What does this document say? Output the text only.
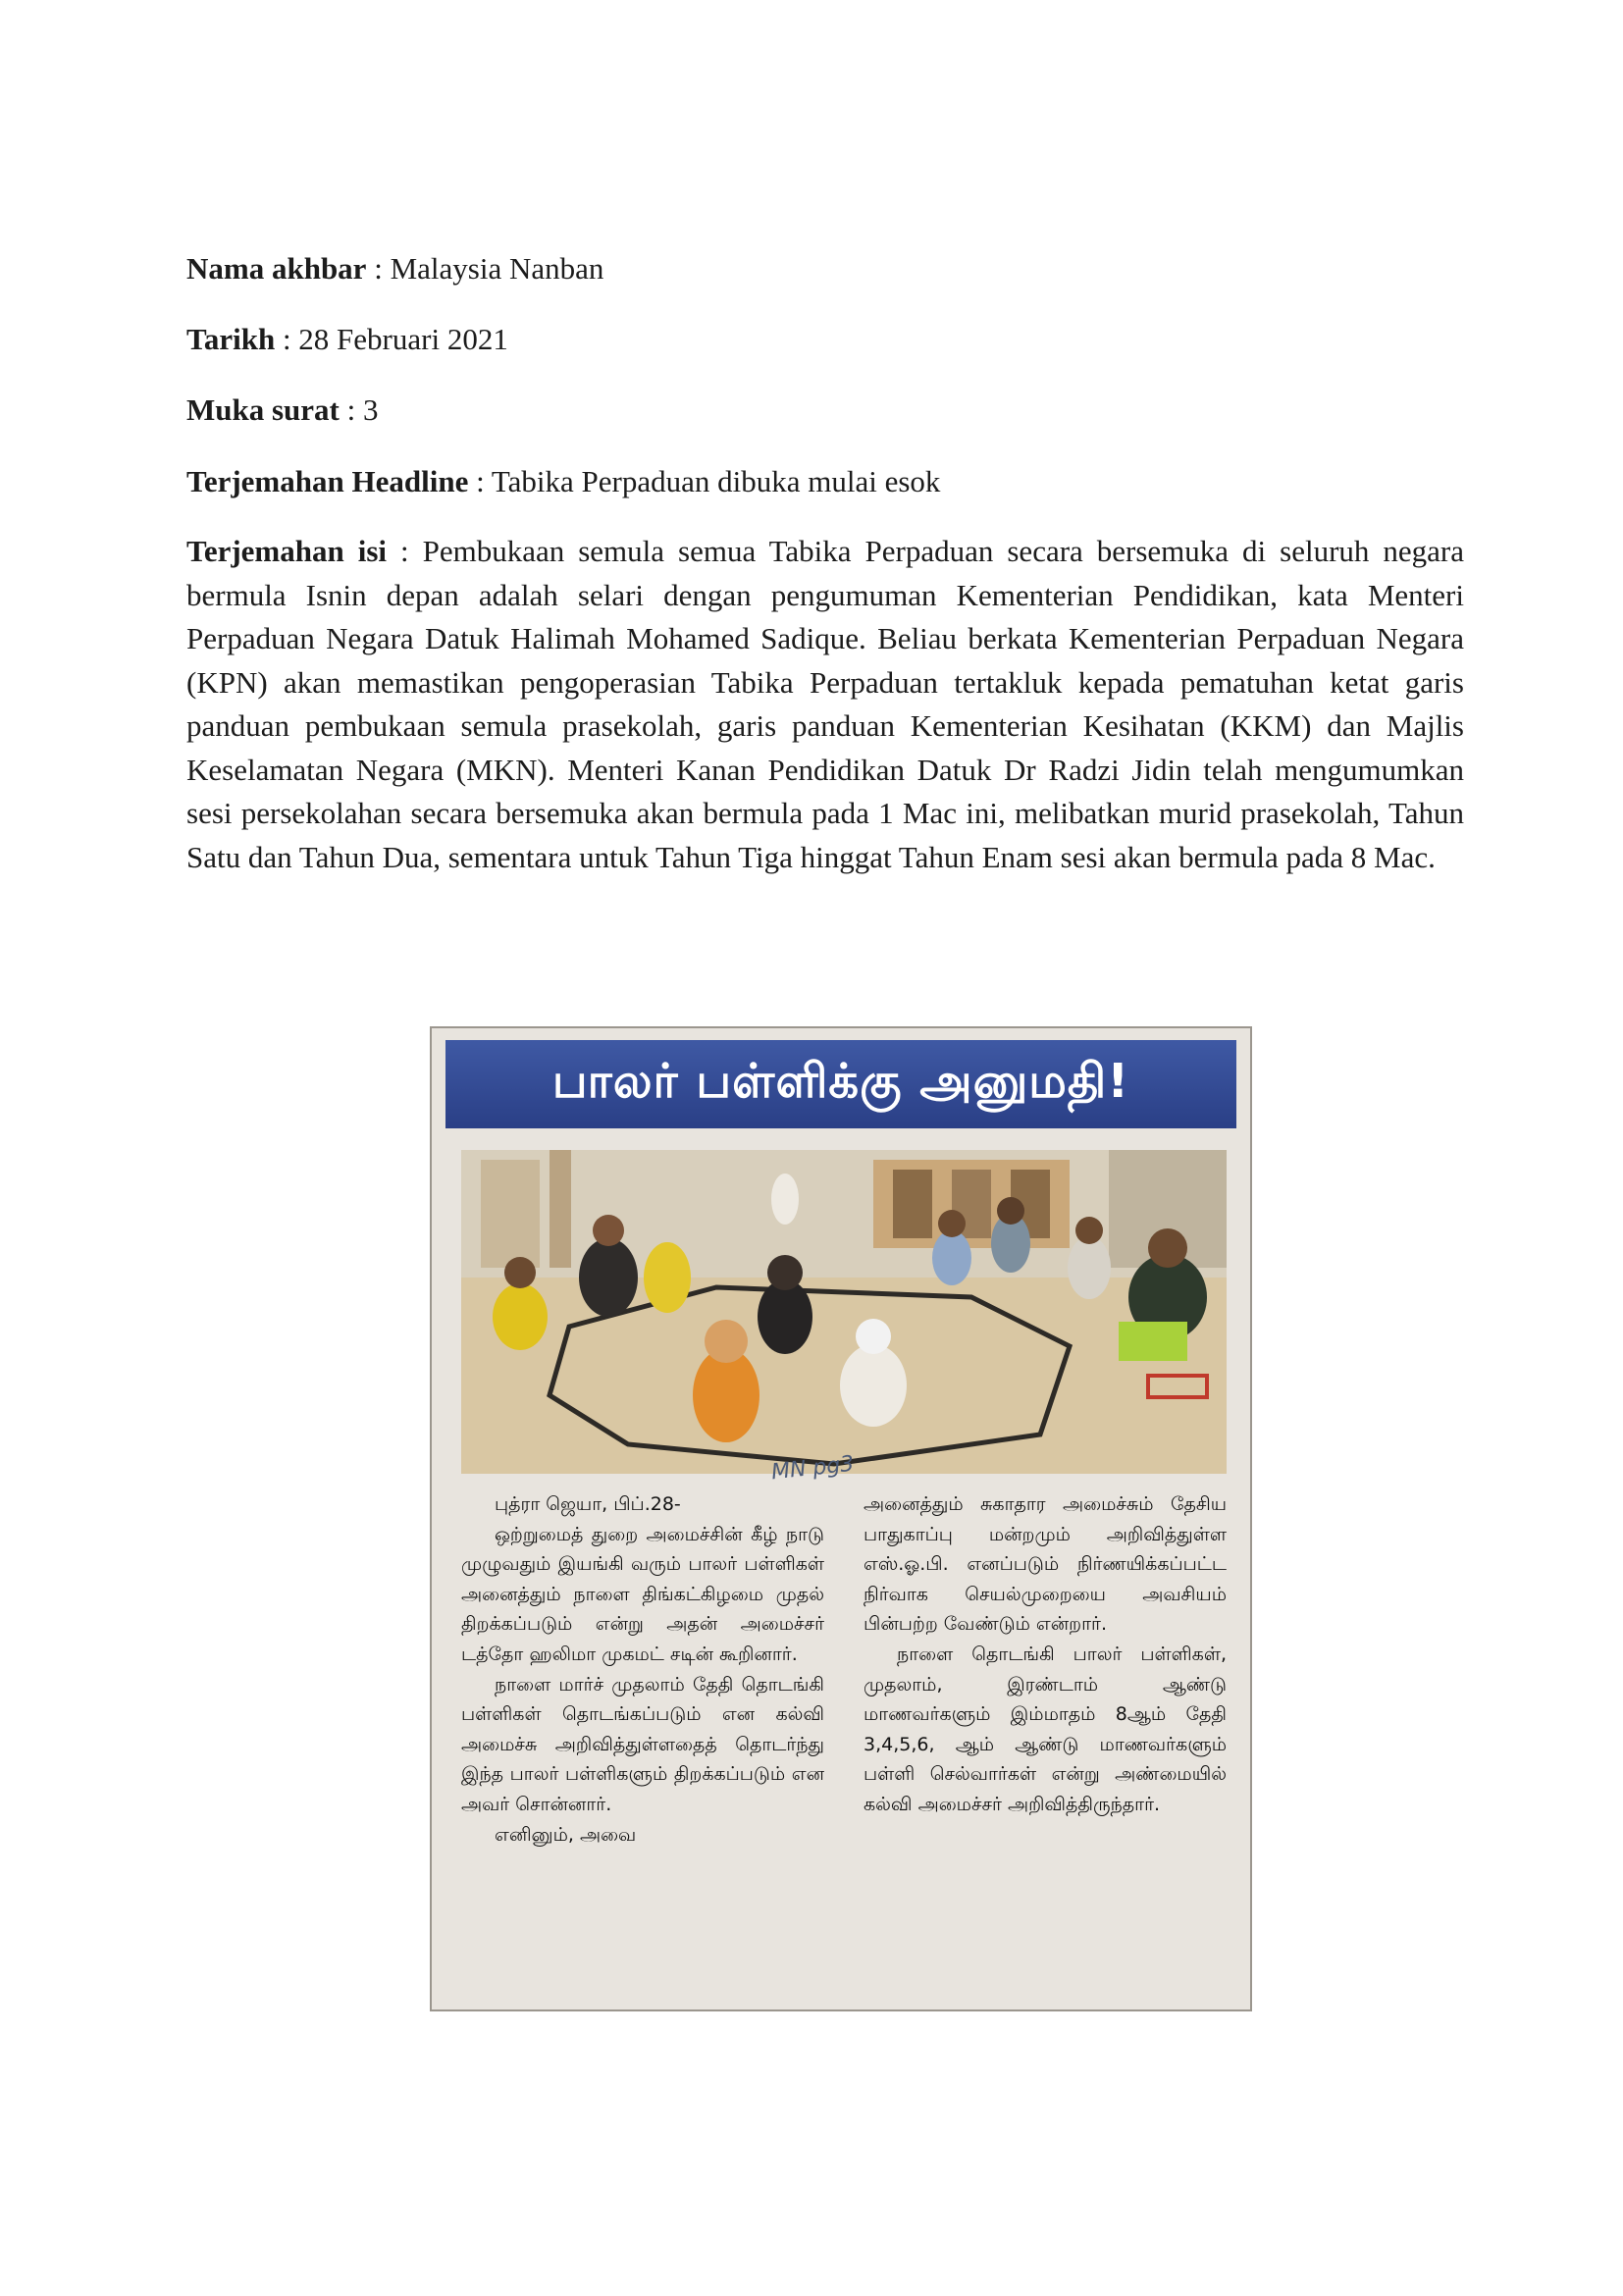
Nama akhbar : Malaysia Nanban
Tarikh : 28 Februari 2021
Muka surat : 3
Terjemahan Headline : Tabika Perpaduan dibuka mulai esok
Terjemahan isi : Pembukaan semula semua Tabika Perpaduan secara bersemuka di seluruh negara bermula Isnin depan adalah selari dengan pengumuman Kementerian Pendidikan, kata Menteri Perpaduan Negara Datuk Halimah Mohamed Sadique. Beliau berkata Kementerian Perpaduan Negara (KPN) akan memastikan pengoperasian Tabika Perpaduan tertakluk kepada pematuhan ketat garis panduan pembukaan semula prasekolah, garis panduan Kementerian Kesihatan (KKM) dan Majlis Keselamatan Negara (MKN). Menteri Kanan Pendidikan Datuk Dr Radzi Jidin telah mengumumkan sesi persekolahan secara bersemuka akan bermula pada 1 Mac ini, melibatkan murid prasekolah, Tahun Satu dan Tahun Dua, sementara untuk Tahun Tiga hinggat Tahun Enam sesi akan bermula pada 8 Mac.
பாலர் பள்ளிக்கு அனுமதி!
MN pg3

புத்ரா ஜெயா, பிப்.28-

ஒற்றுமைத் துறை அமைச்சின் கீழ் நாடு முழுவதும் இயங்கி வரும் பாலர் பள்ளிகள் அனைத்தும் நாளை திங்கட்கிழமை முதல் திறக்கப்படும் என்று அதன் அமைச்சர் டத்தோ ஹலிமா முகமட் சடின் கூறினார்.

நாளை மார்ச் முதலாம் தேதி தொடங்கி பள்ளிகள் தொடங்கப்படும் என கல்வி அமைச்சு அறிவித்துள்ளதைத் தொடர்ந்து இந்த பாலர் பள்ளிகளும் திறக்கப்படும் என அவர் சொன்னார்.

எனினும், அவை

அனைத்தும் சுகாதார அமைச்சும் தேசிய பாதுகாப்பு மன்றமும் அறிவித்துள்ள எஸ்.ஓ.பி. எனப்படும் நிர்ணயிக்கப்பட்ட நிர்வாக செயல்முறையை அவசியம் பின்பற்ற வேண்டும் என்றார்.

நாளை தொடங்கி பாலர் பள்ளிகள், முதலாம், இரண்டாம் ஆண்டு மாணவர்களும் இம்மாதம் 8ஆம் தேதி 3,4,5,6, ஆம் ஆண்டு மாணவர்களும் பள்ளி செல்வார்கள் என்று அண்மையில் கல்வி அமைச்சர் அறிவித்திருந்தார்.
